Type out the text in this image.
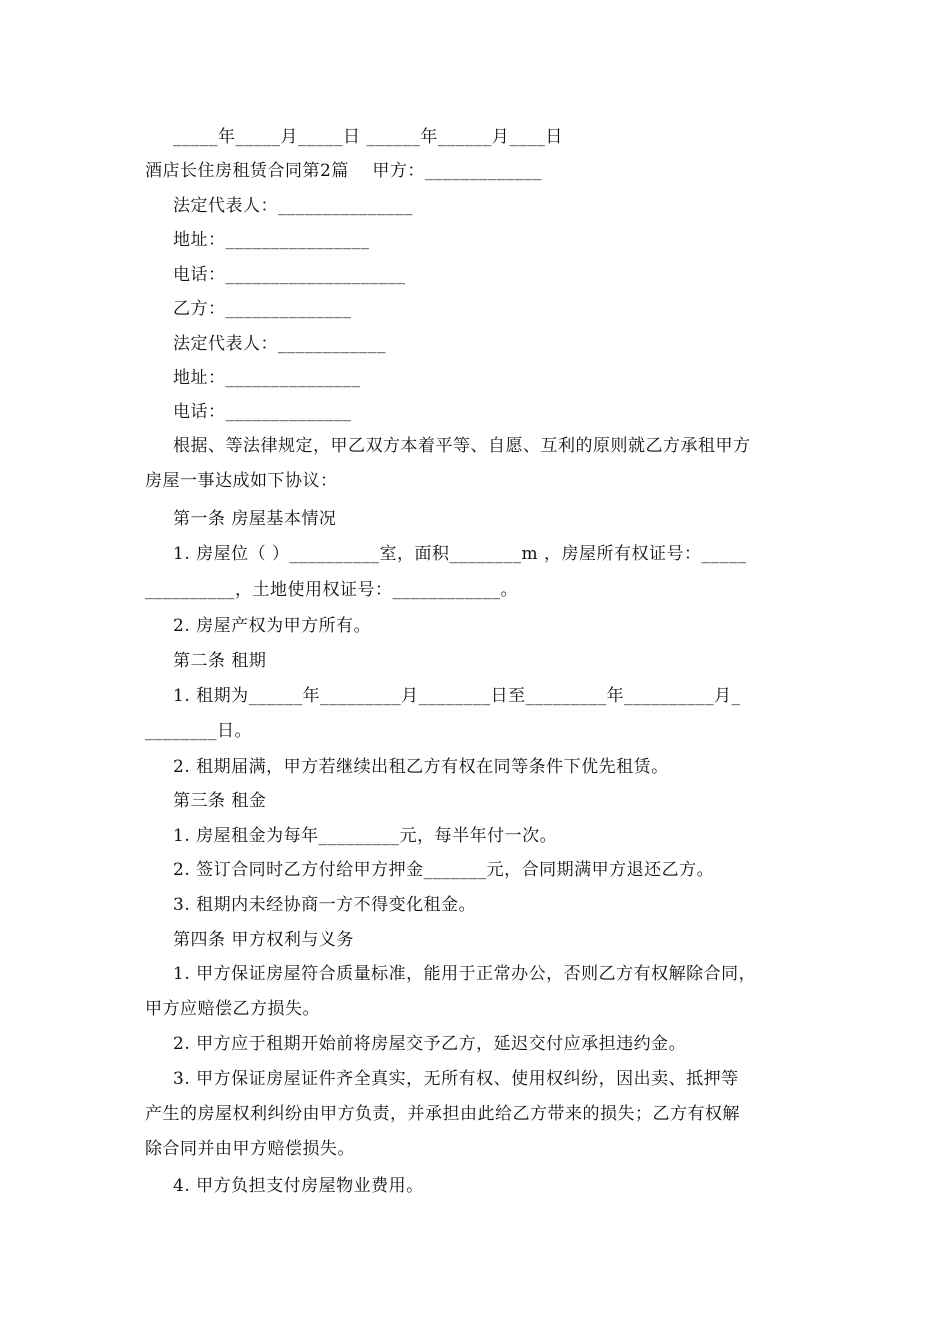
_____年_____月_____日 ______年______月____日
酒店长住房租赁合同第2篇    甲方：_____________
法定代表人：_______________
地址：________________
电话：____________________
乙方：______________
法定代表人：____________
地址：_______________
电话：______________
根据、等法律规定，甲乙双方本着平等、自愿、互利的原则就乙方承租甲方
房屋一事达成如下协议：
第一条 房屋基本情况
1. 房屋位（ ）__________室，面积________m ，房屋所有权证号：_____
__________，土地使用权证号：____________。
2. 房屋产权为甲方所有。
第二条 租期
1. 租期为______年_________月________日至_________年__________月_
________日。
2. 租期届满，甲方若继续出租乙方有权在同等条件下优先租赁。
第三条 租金
1. 房屋租金为每年_________元，每半年付一次。
2. 签订合同时乙方付给甲方押金_______元，合同期满甲方退还乙方。
3. 租期内未经协商一方不得变化租金。
第四条 甲方权利与义务
1. 甲方保证房屋符合质量标准，能用于正常办公，否则乙方有权解除合同，
甲方应赔偿乙方损失。
2. 甲方应于租期开始前将房屋交予乙方，延迟交付应承担违约金。
3. 甲方保证房屋证件齐全真实，无所有权、使用权纠纷，因出卖、抵押等
产生的房屋权利纠纷由甲方负责，并承担由此给乙方带来的损失；乙方有权解
除合同并由甲方赔偿损失。
4. 甲方负担支付房屋物业费用。
